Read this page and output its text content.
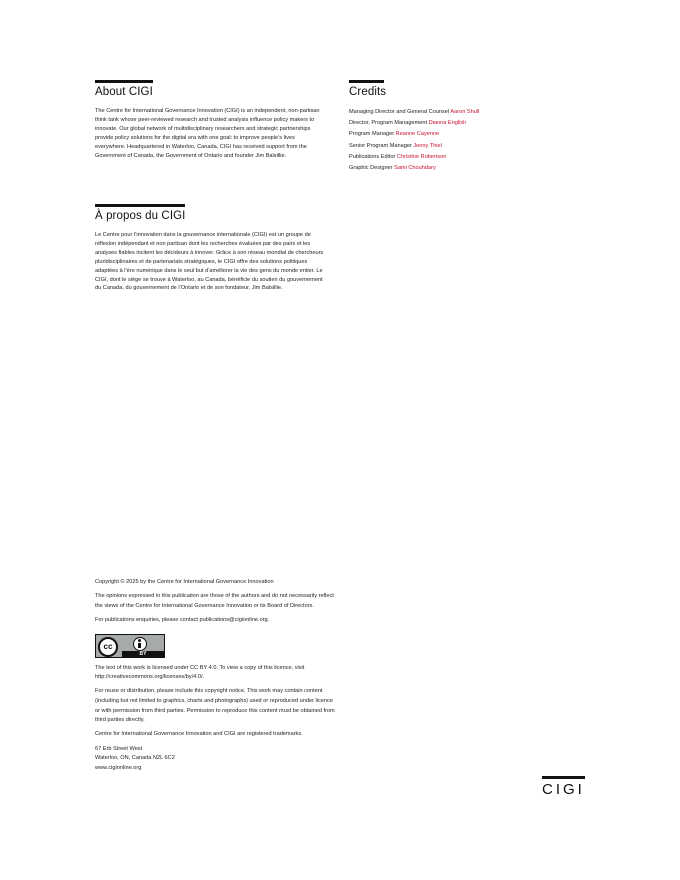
About CIGI

The Centre for International Governance Innovation (CIGI) is an independent, non-partisan think tank whose peer-reviewed research and trusted analysis influence policy makers to innovate. Our global network of multidisciplinary researchers and strategic partnerships provide policy solutions for the digital era with one goal: to improve people’s lives everywhere. Headquartered in Waterloo, Canada, CIGI has received support from the Government of Canada, the Government of Ontario and founder Jim Balsillie.

À propos du CIGI

Le Centre pour l’innovation dans la gouvernance internationale (CIGI) est un groupe de réflexion indépendant et non partisan dont les recherches évaluées par des pairs et les analyses fiables incitent les décideurs à innover. Grâce à son réseau mondial de chercheurs pluridisciplinaires et de partenariats stratégiques, le CIGI offre des solutions politiques adaptées à l’ère numérique dans le seul but d’améliorer la vie des gens du monde entier. Le CIGI, dont le siège se trouve à Waterloo, au Canada, bénéficie du soutien du gouvernement du Canada, du gouvernement de l’Ontario et de son fondateur, Jim Balsillie.

Credits
Managing Director and General Counsel Aaron Shull
Director, Program Management Dianna English
Program Manager Reanne Cayenne
Senior Program Manager Jenny Thiel
Publications Editor Christine Robertson
Graphic Designer Sami Chouhdary

Copyright © 2025 by the Centre for International Governance Innovation

The opinions expressed in this publication are those of the authors and do not necessarily reflect the views of the Centre for International Governance Innovation or its Board of Directors.

For publications enquiries, please contact publications@cigionline.org.

cc
BY

The text of this work is licensed under CC BY 4.0. To view a copy of this licence, visit http://creativecommons.org/licenses/by/4.0/.

For reuse or distribution, please include this copyright notice. This work may contain content (including but not limited to graphics, charts and photographs) used or reproduced under licence or with permission from third parties. Permission to reproduce this content must be obtained from third parties directly.

Centre for International Governance Innovation and CIGI are registered trademarks.

67 Erb Street West
Waterloo, ON, Canada N2L 6C2
www.cigionline.org
CIGI
